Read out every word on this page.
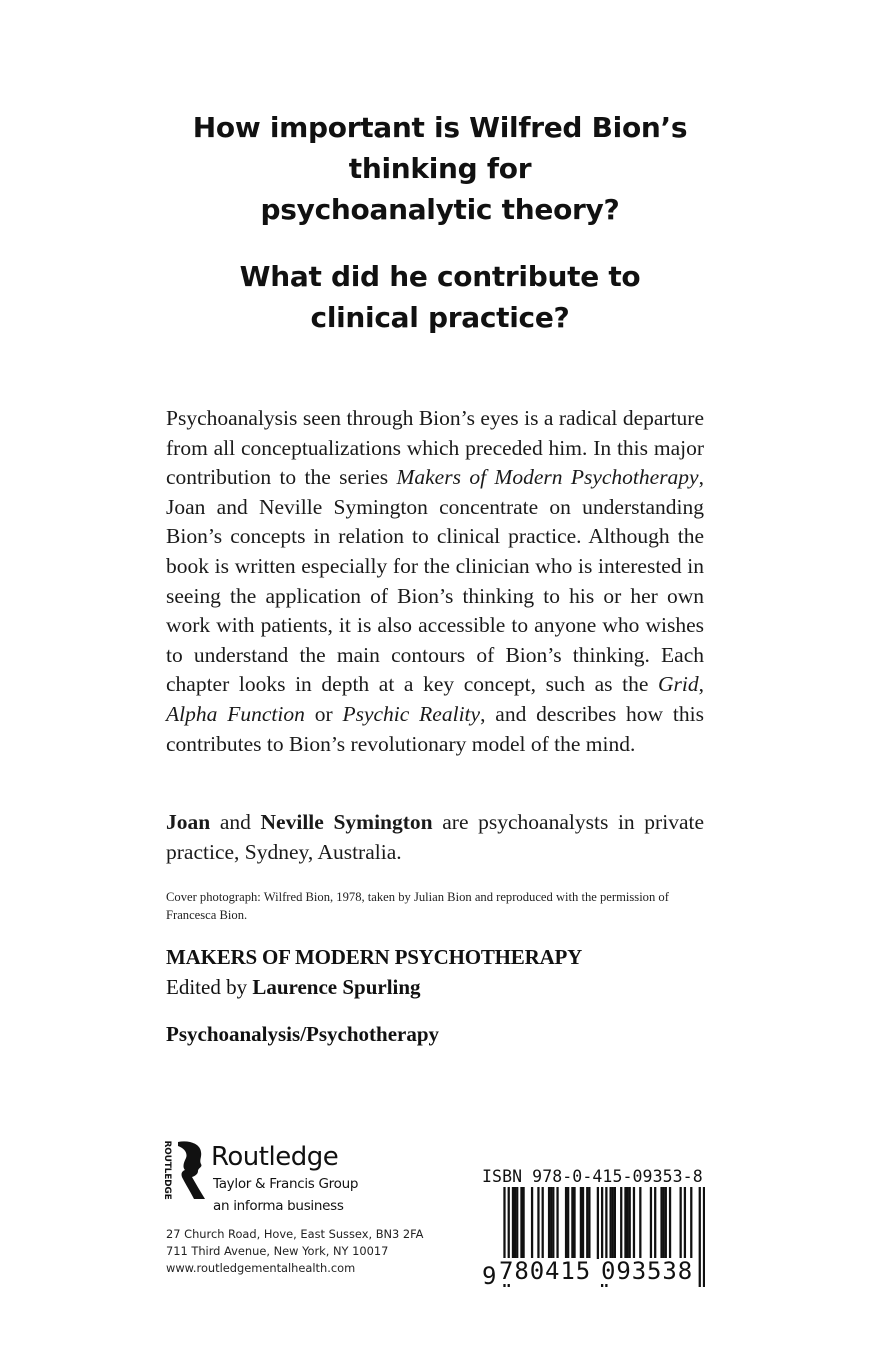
How important is Wilfred Bion’s
thinking for
psychoanalytic theory?
What did he contribute to
clinical practice?
Psychoanalysis seen through Bion’s eyes is a radical departure from all conceptualizations which preceded him. In this major contribution to the series Makers of Modern Psychotherapy, Joan and Neville Symington concentrate on understanding Bion’s concepts in relation to clinical practice. Although the book is written especially for the clinician who is interested in seeing the application of Bion’s thinking to his or her own work with patients, it is also accessible to anyone who wishes to understand the main contours of Bion’s thinking. Each chapter looks in depth at a key concept, such as the Grid, Alpha Function or Psychic Reality, and describes how this contributes to Bion’s revolutionary model of the mind.
Joan and Neville Symington are psychoanalysts in private practice, Sydney, Australia.
Cover photograph: Wilfred Bion, 1978, taken by Julian Bion and reproduced with the permission of Francesca Bion.
MAKERS OF MODERN PSYCHOTHERAPY
Edited by Laurence Spurling
Psychoanalysis/Psychotherapy
ROUTLEDGE Routledge
Taylor & Francis Group
an informa business
27 Church Road, Hove, East Sussex, BN3 2FA
711 Third Avenue, New York, NY 10017
www.routledgementalhealth.com
ISBN 978-0-415-09353-8
9 780415 093538
